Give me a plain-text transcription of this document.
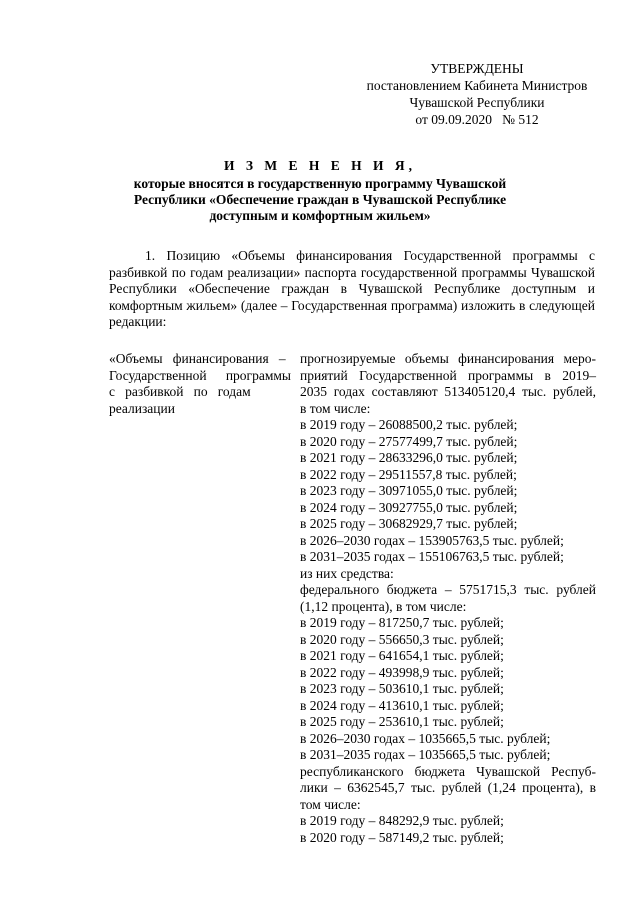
УТВЕРЖДЕНЫ
постановлением Кабинета Министров
Чувашской Республики
от 09.09.2020   № 512
И З М Е Н Е Н И Я,
которые вносятся в государственную программу Чувашской
Республики «Обеспечение граждан в Чувашской Республике
доступным и комфортным жильем»
1. Позицию «Объемы финансирования Государственной программы с разбивкой по годам реализации» паспорта государственной программы Чувашской Республики «Обеспечение граждан в Чувашской Республике доступным и комфортным жильем» (далее – Государственная программа) изложить в следующей редакции:
«Объемы   финансирования   –
Государственной   программы   с   разбивкой   по   годам
реализации
прогнозируемые объемы финансирования меро-
приятий Государственной программы в 2019–
2035 годах составляют 513405120,4 тыс. рублей,
в том числе:
в 2019 году – 26088500,2 тыс. рублей;
в 2020 году – 27577499,7 тыс. рублей;
в 2021 году – 28633296,0 тыс. рублей;
в 2022 году – 29511557,8 тыс. рублей;
в 2023 году – 30971055,0 тыс. рублей;
в 2024 году – 30927755,0 тыс. рублей;
в 2025 году – 30682929,7 тыс. рублей;
в 2026–2030 годах – 153905763,5 тыс. рублей;
в 2031–2035 годах – 155106763,5 тыс. рублей;
из них средства:
федерального бюджета – 5751715,3 тыс. рублей
(1,12 процента), в том числе:
в 2019 году – 817250,7 тыс. рублей;
в 2020 году – 556650,3 тыс. рублей;
в 2021 году – 641654,1 тыс. рублей;
в 2022 году – 493998,9 тыс. рублей;
в 2023 году – 503610,1 тыс. рублей;
в 2024 году – 413610,1 тыс. рублей;
в 2025 году – 253610,1 тыс. рублей;
в 2026–2030 годах – 1035665,5 тыс. рублей;
в 2031–2035 годах – 1035665,5 тыс. рублей;
республиканского бюджета Чувашской Респуб-
лики – 6362545,7 тыс. рублей (1,24 процента), в
том числе:
в 2019 году – 848292,9 тыс. рублей;
в 2020 году – 587149,2 тыс. рублей;
